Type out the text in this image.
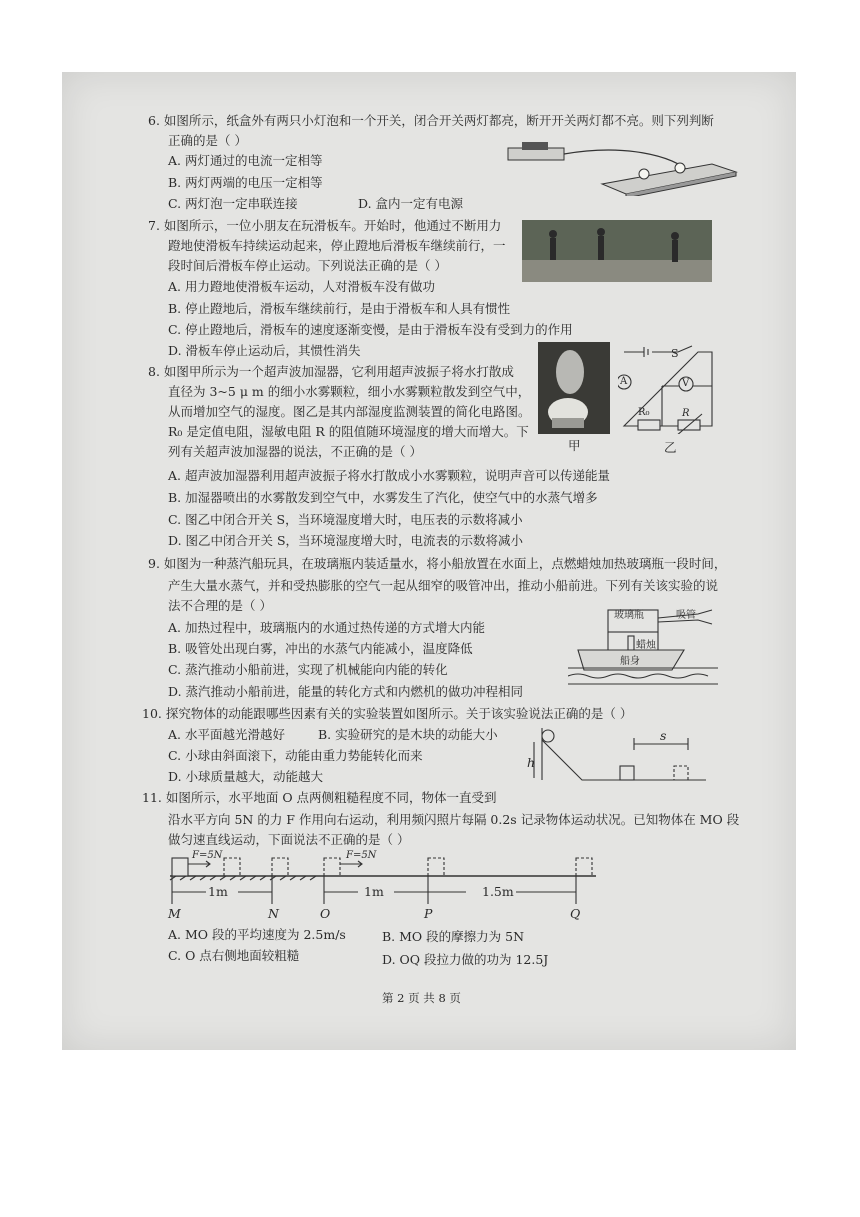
6. 如图所示，纸盒外有两只小灯泡和一个开关，闭合开关两灯都亮，断开开关两灯都不亮。则下列判断
正确的是（ ）
A. 两灯通过的电流一定相等
B. 两灯两端的电压一定相等
C. 两灯泡一定串联连接	D. 盒内一定有电源
7. 如图所示，一位小朋友在玩滑板车。开始时，他通过不断用力
蹬地使滑板车持续运动起来，停止蹬地后滑板车继续前行，一
段时间后滑板车停止运动。下列说法正确的是（ ）
A. 用力蹬地使滑板车运动，人对滑板车没有做功
B. 停止蹬地后，滑板车继续前行，是由于滑板车和人具有惯性
C. 停止蹬地后，滑板车的速度逐渐变慢，是由于滑板车没有受到力的作用
D. 滑板车停止运动后，其惯性消失
8. 如图甲所示为一个超声波加湿器，它利用超声波振子将水打散成
直径为 3~5 μ m 的细小水雾颗粒，细小水雾颗粒散发到空气中，
从而增加空气的湿度。图乙是其内部湿度监测装置的简化电路图。
R₀ 是定值电阻，湿敏电阻 R 的阻值随环境湿度的增大而增大。下
列有关超声波加湿器的说法，不正确的是（ ）
A. 超声波加湿器利用超声波振子将水打散成小水雾颗粒，说明声音可以传递能量
B. 加湿器喷出的水雾散发到空气中，水雾发生了汽化，使空气中的水蒸气增多
C. 图乙中闭合开关 S，当环境湿度增大时，电压表的示数将减小
D. 图乙中闭合开关 S，当环境湿度增大时，电流表的示数将减小
甲
S
A	V
R₀	R
乙
9. 如图为一种蒸汽船玩具，在玻璃瓶内装适量水，将小船放置在水面上，点燃蜡烛加热玻璃瓶一段时间，
产生大量水蒸气，并和受热膨胀的空气一起从细窄的吸管冲出，推动小船前进。下列有关该实验的说
法不合理的是（ ）
A. 加热过程中，玻璃瓶内的水通过热传递的方式增大内能
B. 吸管处出现白雾，冲出的水蒸气内能减小，温度降低
C. 蒸汽推动小船前进，实现了机械能向内能的转化
D. 蒸汽推动小船前进，能量的转化方式和内燃机的做功冲程相同
玻璃瓶	吸管
蜡烛
船身
10. 探究物体的动能跟哪些因素有关的实验装置如图所示。关于该实验说法正确的是（ ）
A. 水平面越光滑越好	B. 实验研究的是木块的动能大小
C. 小球由斜面滚下，动能由重力势能转化而来
D. 小球质量越大，动能越大
h
s
11. 如图所示，水平地面 O 点两侧粗糙程度不同，物体一直受到
沿水平方向 5N 的力 F 作用向右运动，利用频闪照片每隔 0.2s 记录物体运动状况。已知物体在 MO 段
做匀速直线运动，下面说法不正确的是（ ）
F=5N	F=5N
1m	1m	1.5m
M	N	O	P	Q
A. MO 段的平均速度为 2.5m/s	B. MO 段的摩擦力为 5N
C. O 点右侧地面较粗糙	D. OQ 段拉力做的功为 12.5J
第 2 页 共 8 页
